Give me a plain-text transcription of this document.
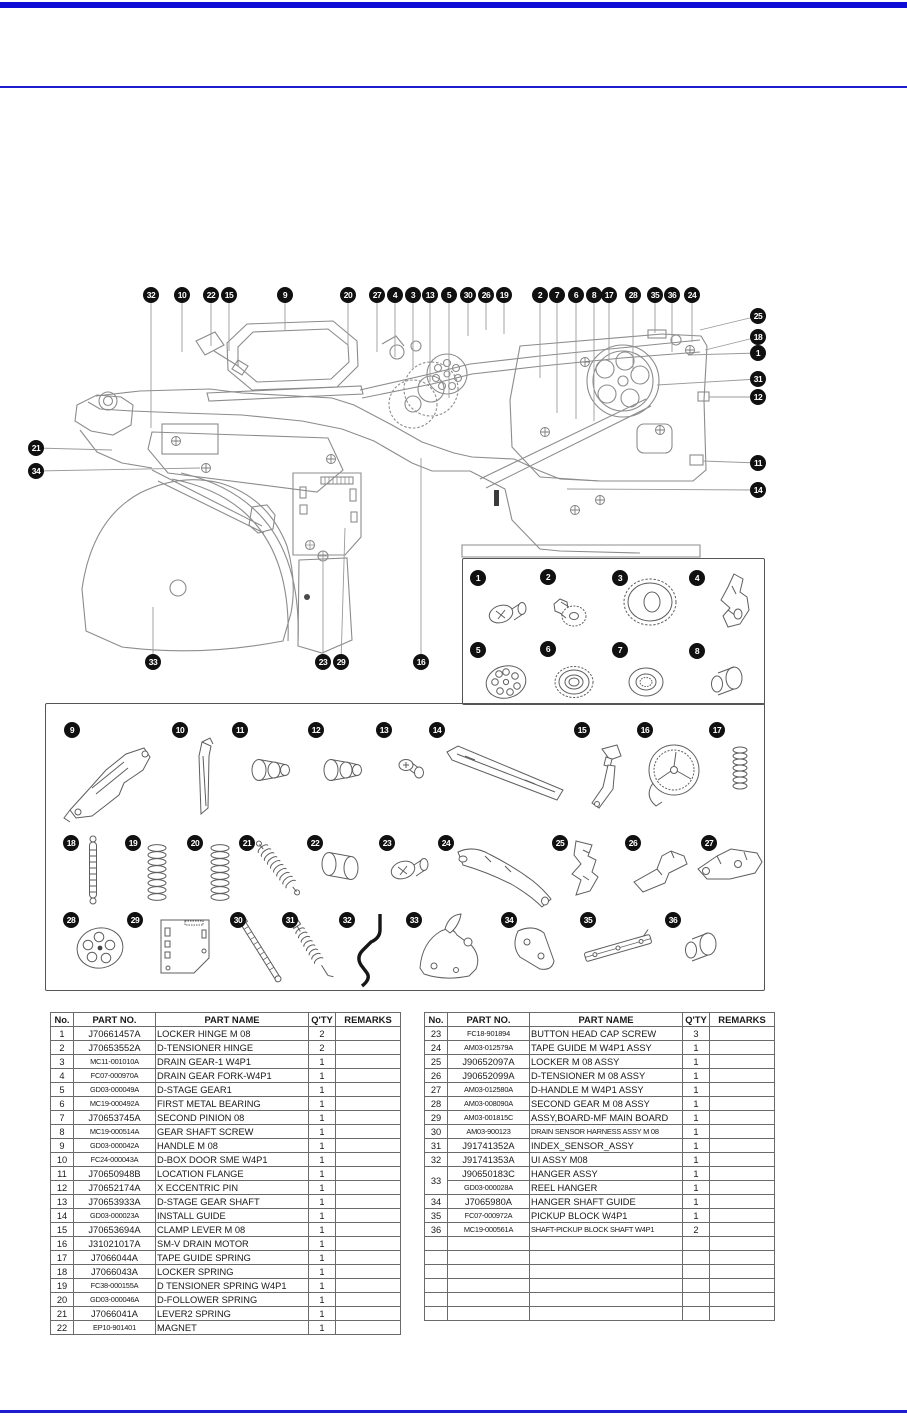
32	10	22	15	9	20	27	4	3	13	5	30	26	19	2	7	6	8	17	28	35	36	24
25
18
1
31
12
11
14
21
34
33	23	29	16
1	2	3	4
5	6	7	8
9	10	11	12	13	14	15	16	17
18	19	20	21	22	23	24	25	26	27
28	29	30	31	32	33	34	35	36
No.	PART NO.	PART NAME	Q'TY	REMARKS
1	J70661457A	LOCKER HINGE M 08	2	
2	J70653552A	D-TENSIONER HINGE	2	
3	MC11-001010A	DRAIN GEAR-1 W4P1	1	
4	FC07-000970A	DRAIN GEAR FORK-W4P1	1	
5	GD03-000049A	D-STAGE GEAR1	1	
6	MC19-000492A	FIRST METAL BEARING	1	
7	J70653745A	SECOND PINION 08	1	
8	MC19-000514A	GEAR SHAFT SCREW	1	
9	GD03-000042A	HANDLE M 08	1	
10	FC24-000043A	D-BOX DOOR SME W4P1	1	
11	J70650948B	LOCATION FLANGE	1	
12	J70652174A	X ECCENTRIC PIN	1	
13	J70653933A	D-STAGE GEAR SHAFT	1	
14	GD03-000023A	INSTALL GUIDE	1	
15	J70653694A	CLAMP LEVER M 08	1	
16	J31021017A	SM-V DRAIN MOTOR	1	
17	J7066044A	TAPE GUIDE SPRING	1	
18	J7066043A	LOCKER SPRING	1	
19	FC38-000155A	D TENSIONER SPRING W4P1	1	
20	GD03-000046A	D-FOLLOWER SPRING	1	
21	J7066041A	LEVER2 SPRING	1	
22	EP10-901401	MAGNET	1	
No.	PART NO.	PART NAME	Q'TY	REMARKS
23	FC18-901894	BUTTON HEAD CAP SCREW	3	
24	AM03-012579A	TAPE GUIDE M W4P1 ASSY	1	
25	J90652097A	LOCKER M 08 ASSY	1	
26	J90652099A	D-TENSIONER M 08 ASSY	1	
27	AM03-012580A	D-HANDLE M W4P1 ASSY	1	
28	AM03-008090A	SECOND GEAR M 08 ASSY	1	
29	AM03-001815C	ASSY,BOARD-MF MAIN BOARD	1	
30	AM03-900123	DRAIN SENSOR HARNESS ASSY M 08	1	
31	J91741352A	INDEX_SENSOR_ASSY	1	
32	J91741353A	UI ASSY M08	1	
33	J90650183C	HANGER ASSY	1	
	GD03-000028A	REEL HANGER	1	
34	J7065980A	HANGER SHAFT GUIDE	1	
35	FC07-000972A	PICKUP BLOCK W4P1	1	
36	MC19-000561A	SHAFT-PICKUP BLOCK SHAFT W4P1	2	
